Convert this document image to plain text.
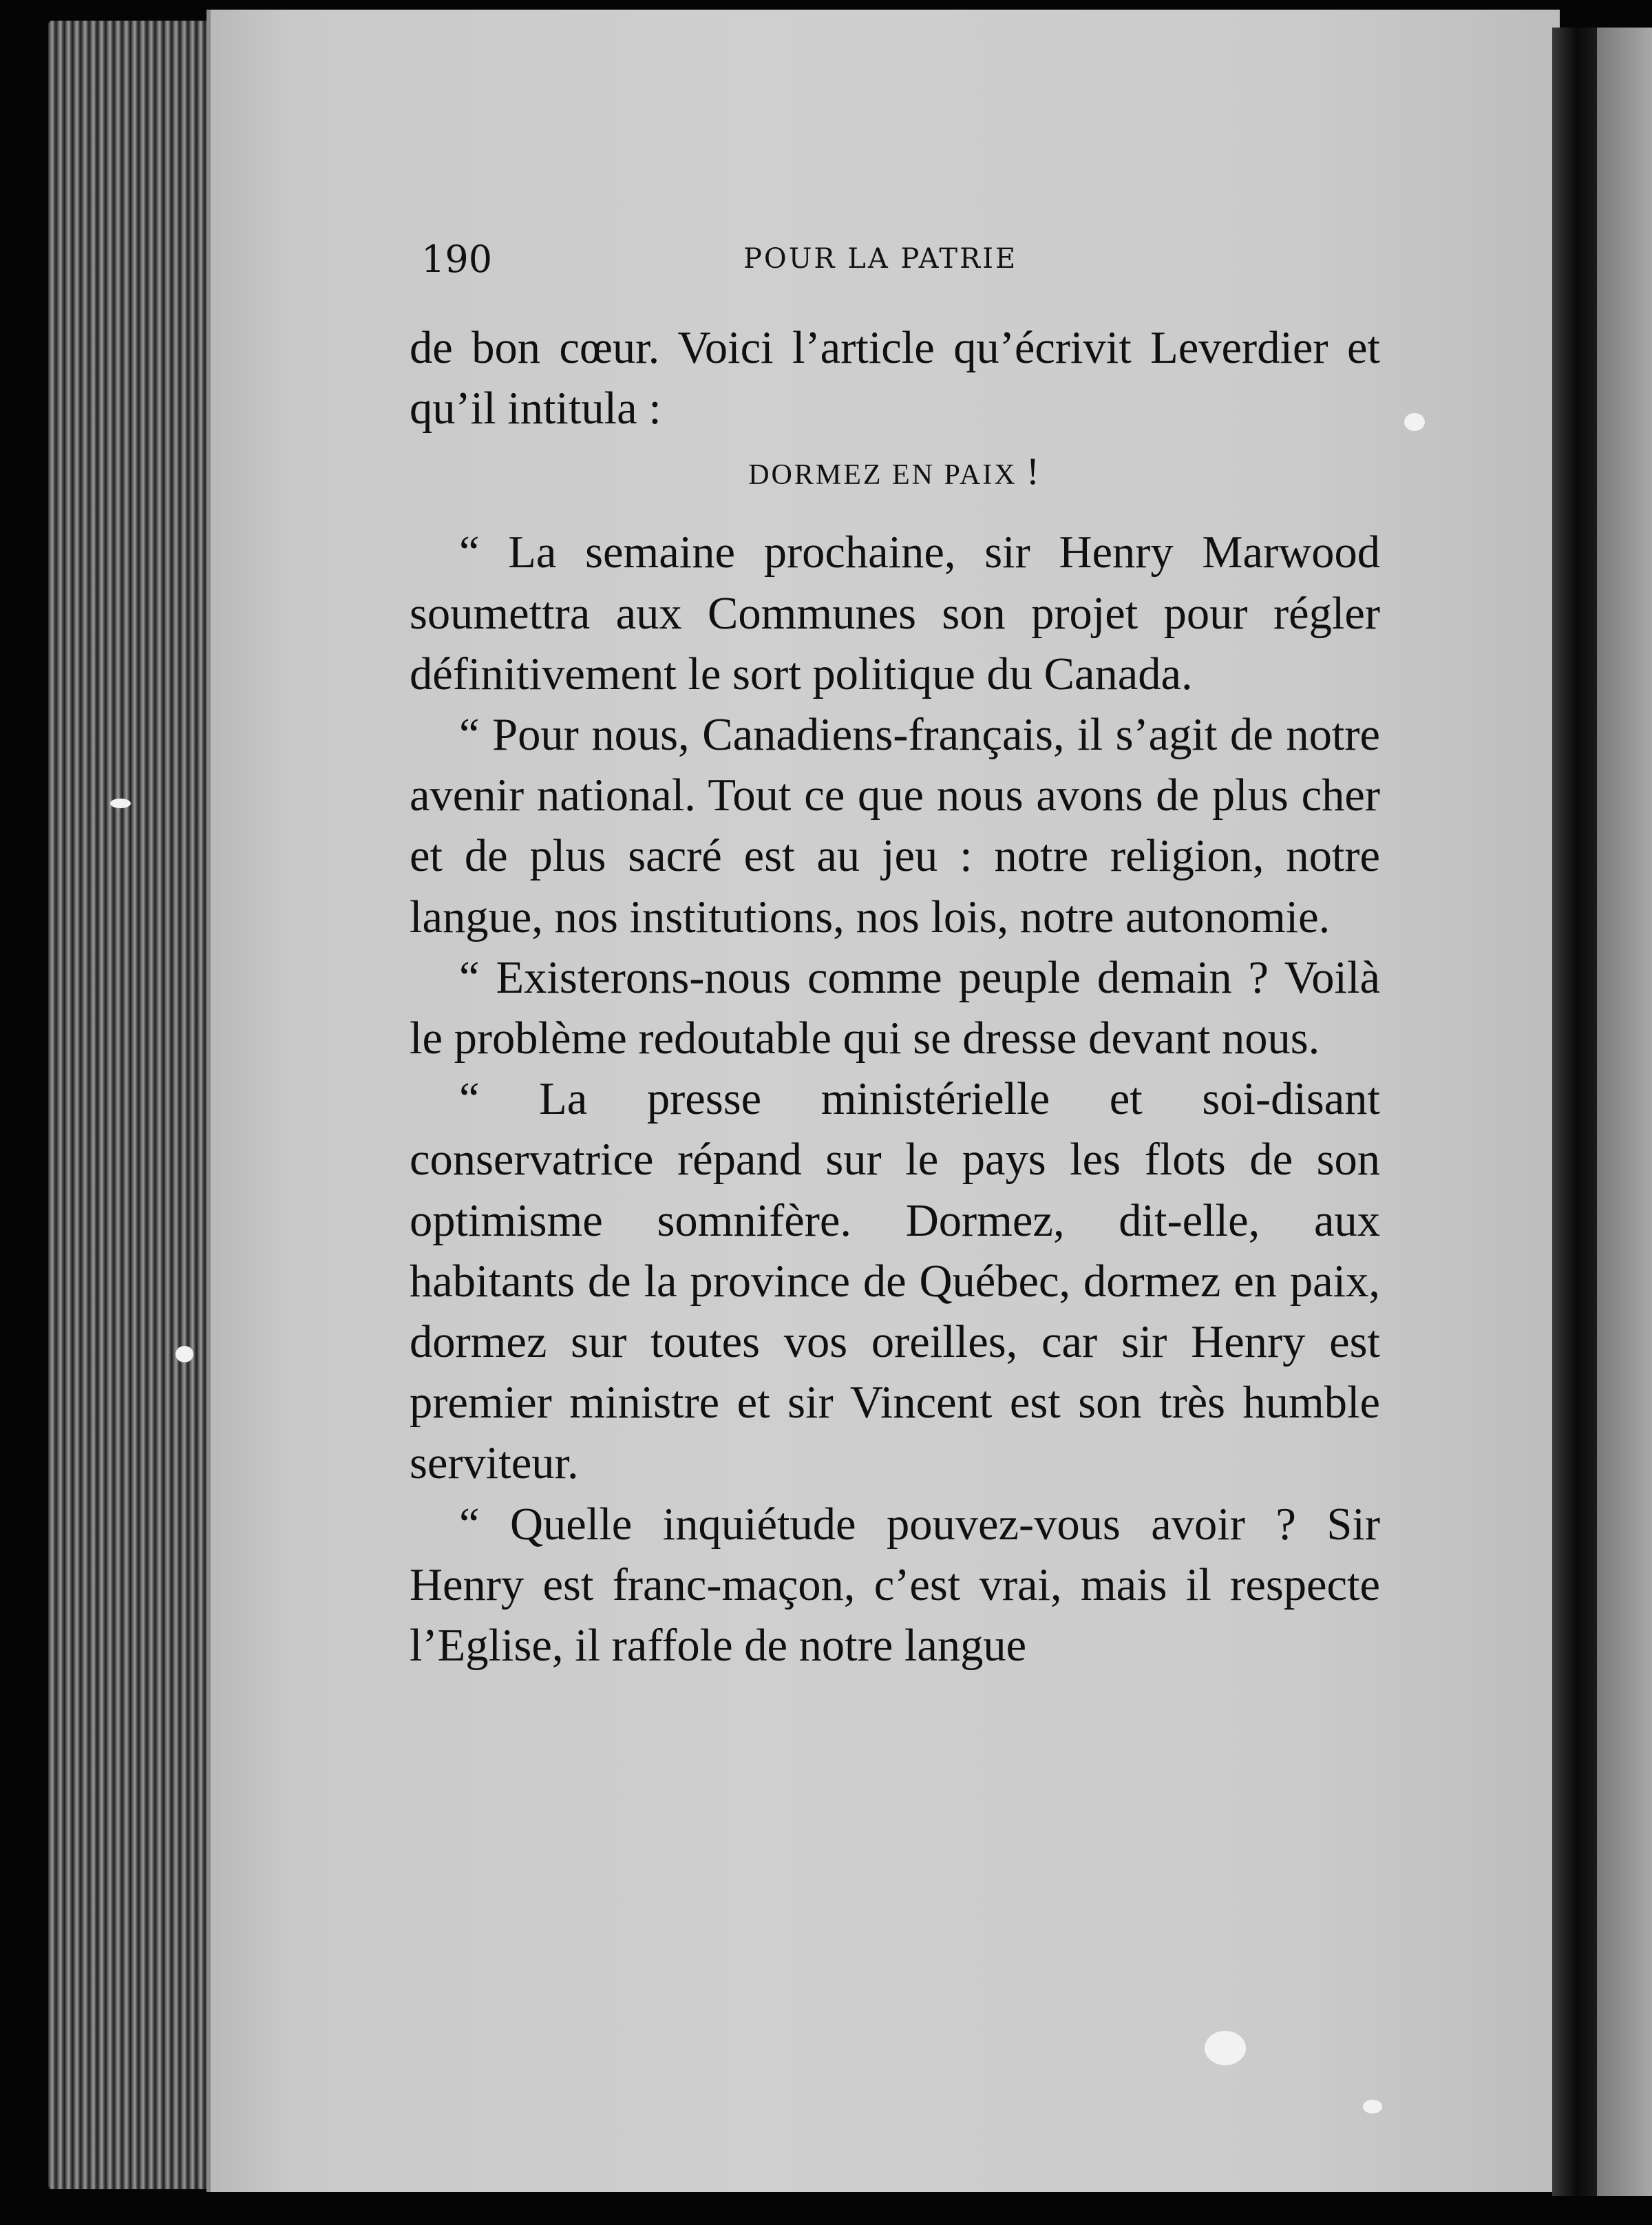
190	POUR LA PATRIE

de bon cœur. Voici l’article qu’écrivit Leverdier et qu’il intitula :

DORMEZ EN PAIX !

“ La semaine prochaine, sir Henry Marwood soumettra aux Communes son projet pour régler définitivement le sort politique du Canada.

“ Pour nous, Canadiens-français, il s’agit de notre avenir national. Tout ce que nous avons de plus cher et de plus sacré est au jeu : notre religion, notre langue, nos institutions, nos lois, notre autonomie.

“ Existerons-nous comme peuple demain ? Voilà le problème redoutable qui se dresse devant nous.

“ La presse ministérielle et soi-disant conservatrice répand sur le pays les flots de son optimisme somnifère. Dormez, dit-elle, aux habitants de la province de Québec, dormez en paix, dormez sur toutes vos oreilles, car sir Henry est premier ministre et sir Vincent est son très humble serviteur.

“ Quelle inquiétude pouvez-vous avoir ? Sir Henry est franc-maçon, c’est vrai, mais il respecte l’Eglise, il raffole de notre langue
